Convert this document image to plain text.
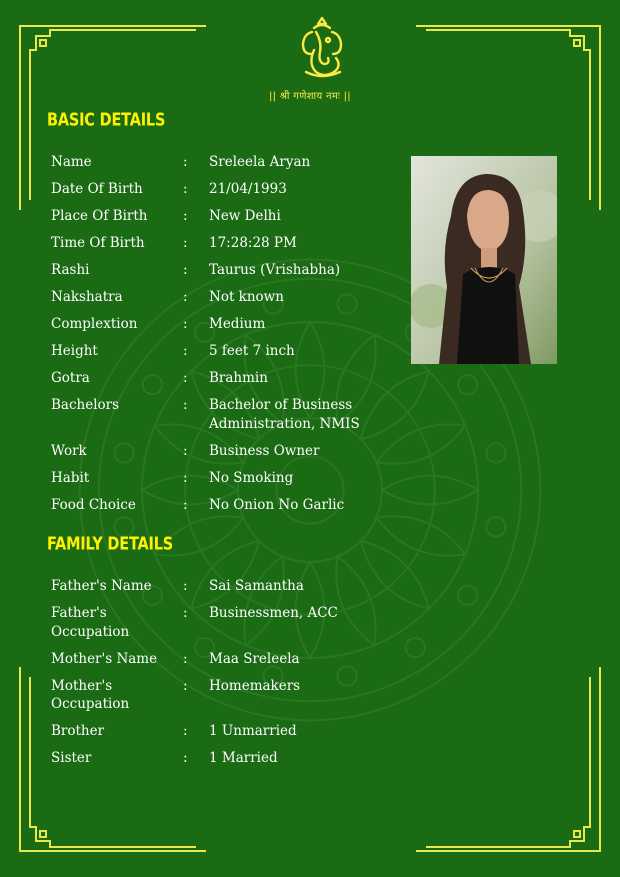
|| श्री गणेशाय नमः ||
BASIC DETAILS
Name	: Sreleela Aryan
Date Of Birth	: 21/04/1993
Place Of Birth	: New Delhi
Time Of Birth	: 17:28:28 PM
Rashi	: Taurus (Vrishabha)
Nakshatra	: Not known
Complextion	: Medium
Height	: 5 feet 7 inch
Gotra	: Brahmin
Bachelors	: Bachelor of Business Administration, NMIS
Work	: Business Owner
Habit	: No Smoking
Food Choice	: No Onion No Garlic
FAMILY DETAILS
Father's Name	: Sai Samantha
Father's Occupation
: Businessmen, ACC
Mother's Name	: Maa Sreleela
Mother's Occupation
: Homemakers
Brother	: 1 Unmarried
Sister	: 1 Married
